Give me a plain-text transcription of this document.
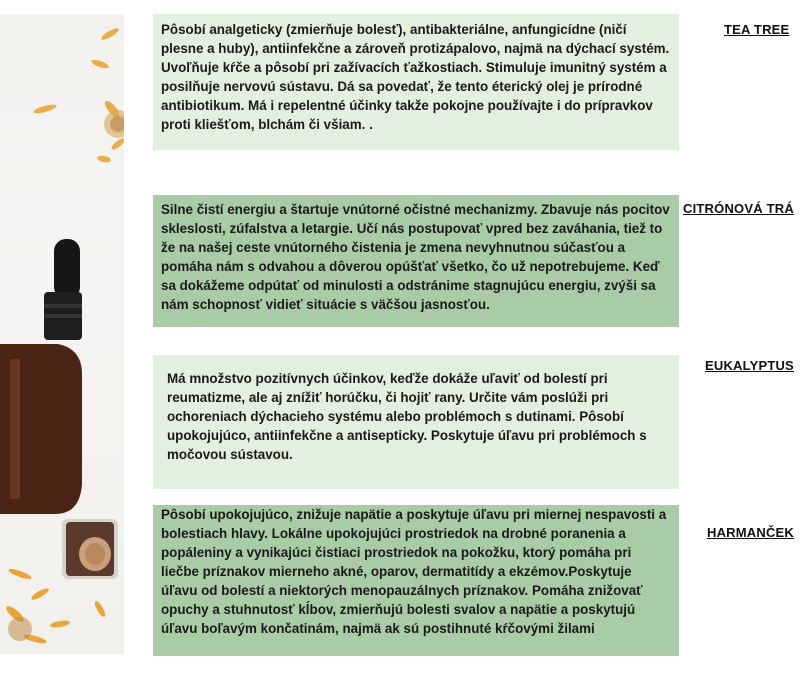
Pôsobí analgeticky (zmierňuje bolesť), antibakteriálne, anfungicídne (ničí plesne a huby), antiinfekčne a zároveň protizápalovo, najmä na dýchací systém. Uvoľňuje kŕče a pôsobí pri zažívacích ťažkostiach. Stimuluje imunitný systém a posilňuje nervovú sústavu. Dá sa povedať, že tento éterický olej je prírodné antibiotikum. Má i repelentné účinky takže pokojne používajte i do prípravkov proti kliešťom, blchám či všiam. .
TEA TREE
Silne čistí energiu a štartuje vnútorné očistné mechanizmy. Zbavuje nás pocitov skleslosti, zúfalstva a letargie. Učí nás postupovať vpred bez zaváhania, tiež to že na našej ceste vnútorného čistenia je zmena nevyhnutnou súčasťou a pomáha nám s odvahou a dôverou opúšťať všetko, čo už nepotrebujeme. Keď sa dokážeme odpútať od minulosti a odstránime stagnujúcu energiu, zvýši sa nám schopnosť vidieť situácie s väčšou jasnosťou.
CITRÓNOVÁ TRÁ
Má množstvo pozitívnych účinkov, keďže dokáže uľaviť od bolestí pri reumatizme, ale aj znížiť horúčku, či hojiť rany. Určite vám poslúži pri ochoreniach dýchacieho systému alebo problémoch s dutinami. Pôsobí upokojujúco, antiinfekčne a antisepticky. Poskytuje úľavu pri problémoch s močovou sústavou.
EUKALYPTUS
Pôsobí upokojujúco, znižuje napätie a poskytuje úľavu pri miernej nespavosti a bolestiach hlavy. Lokálne upokojujúci prostriedok na drobné poranenia a popáleniny a vynikajúci čistiaci prostriedok na pokožku, ktorý pomáha pri liečbe príznakov mierneho akné, oparov, dermatitídy a ekzémov.Poskytuje úľavu od bolestí a niektorých menopauzálnych príznakov. Pomáha znižovať opuchy a stuhnutosť kĺbov, zmierňujú bolesti svalov a napätie a poskytujú úľavu boľavým končatinám, najmä ak sú postihnuté kŕčovými žilami
HARMANČEK
